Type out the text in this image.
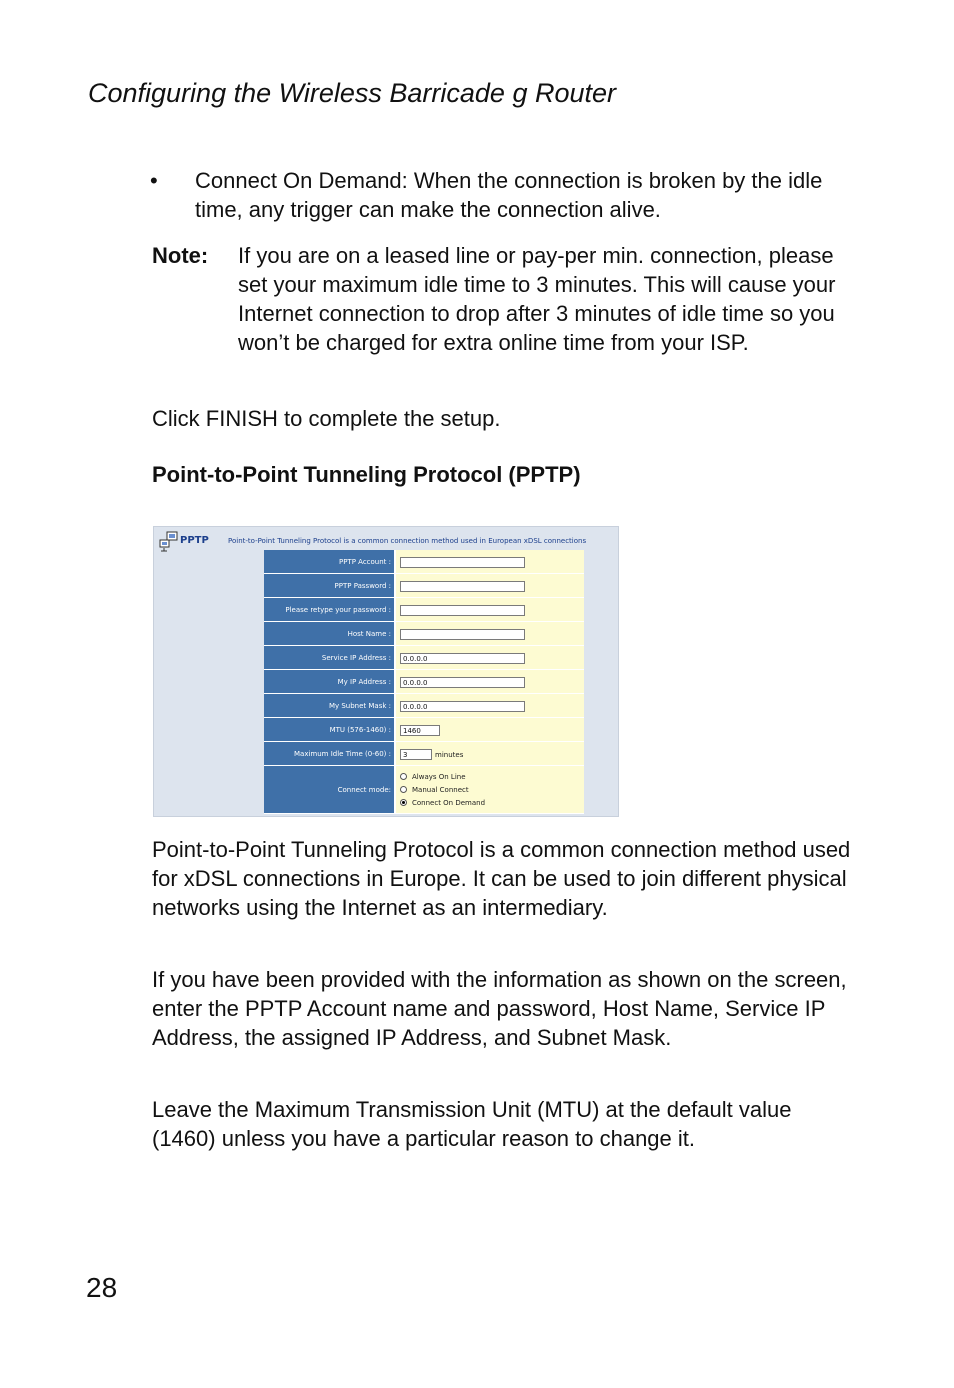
Configuring the Wireless Barricade g Router
• Connect On Demand: When the connection is broken by the idle time, any trigger can make the connection alive.
Note: If you are on a leased line or pay-per min. connection, please set your maximum idle time to 3 minutes. This will cause your Internet connection to drop after 3 minutes of idle time so you won’t be charged for extra online time from your ISP.
Click FINISH to complete the setup.
Point-to-Point Tunneling Protocol (PPTP)
PPTP	Point-to-Point Tunneling Protocol is a common connection method used in European xDSL connections
PPTP Account :	
PPTP Password :	
Please retype your password :	
Host Name :	
Service IP Address :	0.0.0.0
My IP Address :	0.0.0.0
My Subnet Mask :	0.0.0.0
MTU (576-1460) :	1460
Maximum Idle Time (0-60) :	3 minutes
Connect mode:	Always On Line
Manual Connect
Connect On Demand
Point-to-Point Tunneling Protocol is a common connection method used for xDSL connections in Europe. It can be used to join different physical networks using the Internet as an intermediary.
If you have been provided with the information as shown on the screen, enter the PPTP Account name and password, Host Name, Service IP Address, the assigned IP Address, and Subnet Mask.
Leave the Maximum Transmission Unit (MTU) at the default value (1460) unless you have a particular reason to change it.
28
